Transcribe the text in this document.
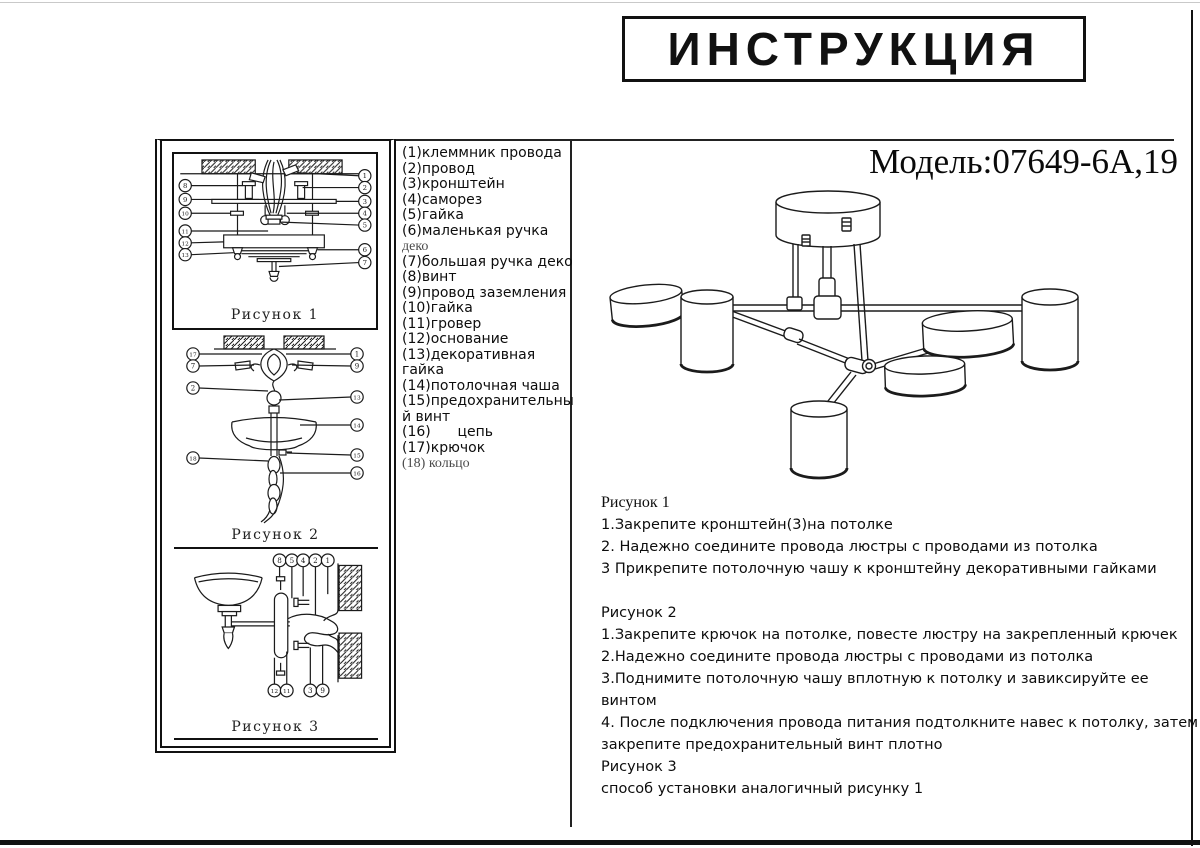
ИНСТРУКЦИЯ
Модель:07649-6A,19
8
9
10
11
12
13
1
2
3
4
5
6
7
Рисунок 1
17
7
2
18
1
9
13
14
15
16
Рисунок 2
8 5 4 2 1
12 11	3 9
Рисунок 3
(1)клеммник провода
(2)провод
(3)кронштейн
(4)саморез
(5)гайка
(6)маленькая ручка
деко
(7)большая ручка деко
(8)винт
(9)провод заземления
(10)гайка
(11)гровер
(12)основание
(13)декоративная
гайка
(14)потолочная чаша
(15)предохранительны
й винт
(16)      цепь
(17)крючок
(18) кольцо
Рисунок 1
1.Закрепите кронштейн(3)на потолке
2. Надежно соедините провода люстры с проводами из потолка
3 Прикрепите потолочную чашу к кронштейну декоративными гайками
Рисунок 2
1.Закрепите крючок на потолке, повесте люстру на закрепленный крючек
2.Надежно соедините провода люстры с проводами из потолка
3.Поднимите потолочную чашу вплотную к потолку и завиксируйте ее
винтом
4. После подключения провода питания подтолкните навес к потолку, затем
закрепите предохранительный винт плотно
Рисунок 3
способ установки аналогичный рисунку 1
